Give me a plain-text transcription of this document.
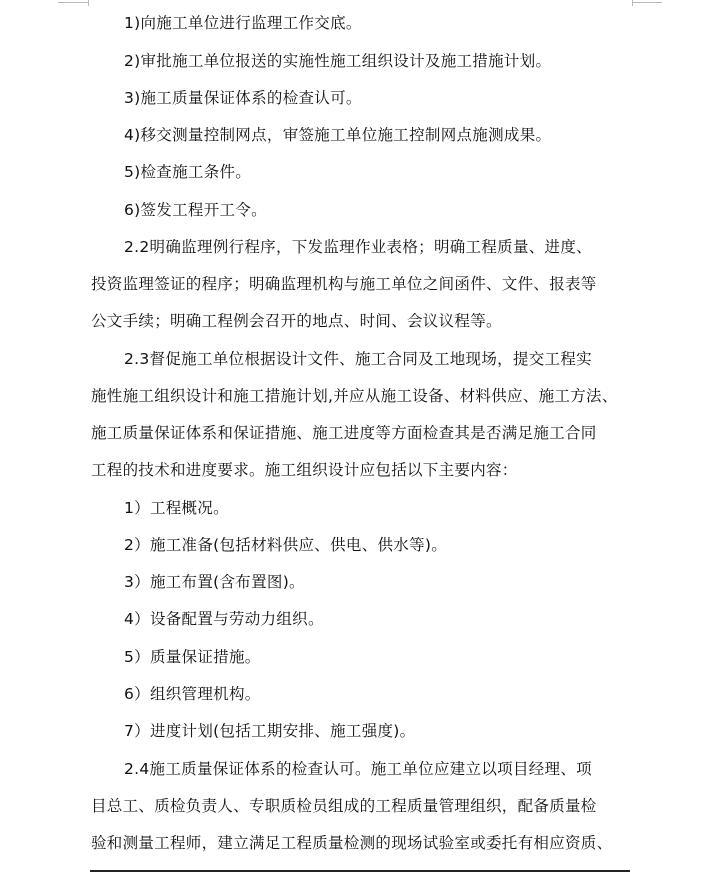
1)向施工单位进行监理工作交底。
2)审批施工单位报送的实施性施工组织设计及施工措施计划。
3)施工质量保证体系的检查认可。
4)移交测量控制网点，审签施工单位施工控制网点施测成果。
5)检查施工条件。
6)签发工程开工令。
2.2明确监理例行程序，下发监理作业表格；明确工程质量、进度、
投资监理签证的程序；明确监理机构与施工单位之间函件、文件、报表等
公文手续；明确工程例会召开的地点、时间、会议议程等。
2.3督促施工单位根据设计文件、施工合同及工地现场，提交工程实
施性施工组织设计和施工措施计划,并应从施工设备、材料供应、施工方法、
施工质量保证体系和保证措施、施工进度等方面检查其是否满足施工合同
工程的技术和进度要求。施工组织设计应包括以下主要内容：
1）工程概况。
2）施工准备(包括材料供应、供电、供水等)。
3）施工布置(含布置图)。
4）设备配置与劳动力组织。
5）质量保证措施。
6）组织管理机构。
7）进度计划(包括工期安排、施工强度)。
2.4施工质量保证体系的检查认可。施工单位应建立以项目经理、项
目总工、质检负责人、专职质检员组成的工程质量管理组织，配备质量检
验和测量工程师，建立满足工程质量检测的现场试验室或委托有相应资质、
